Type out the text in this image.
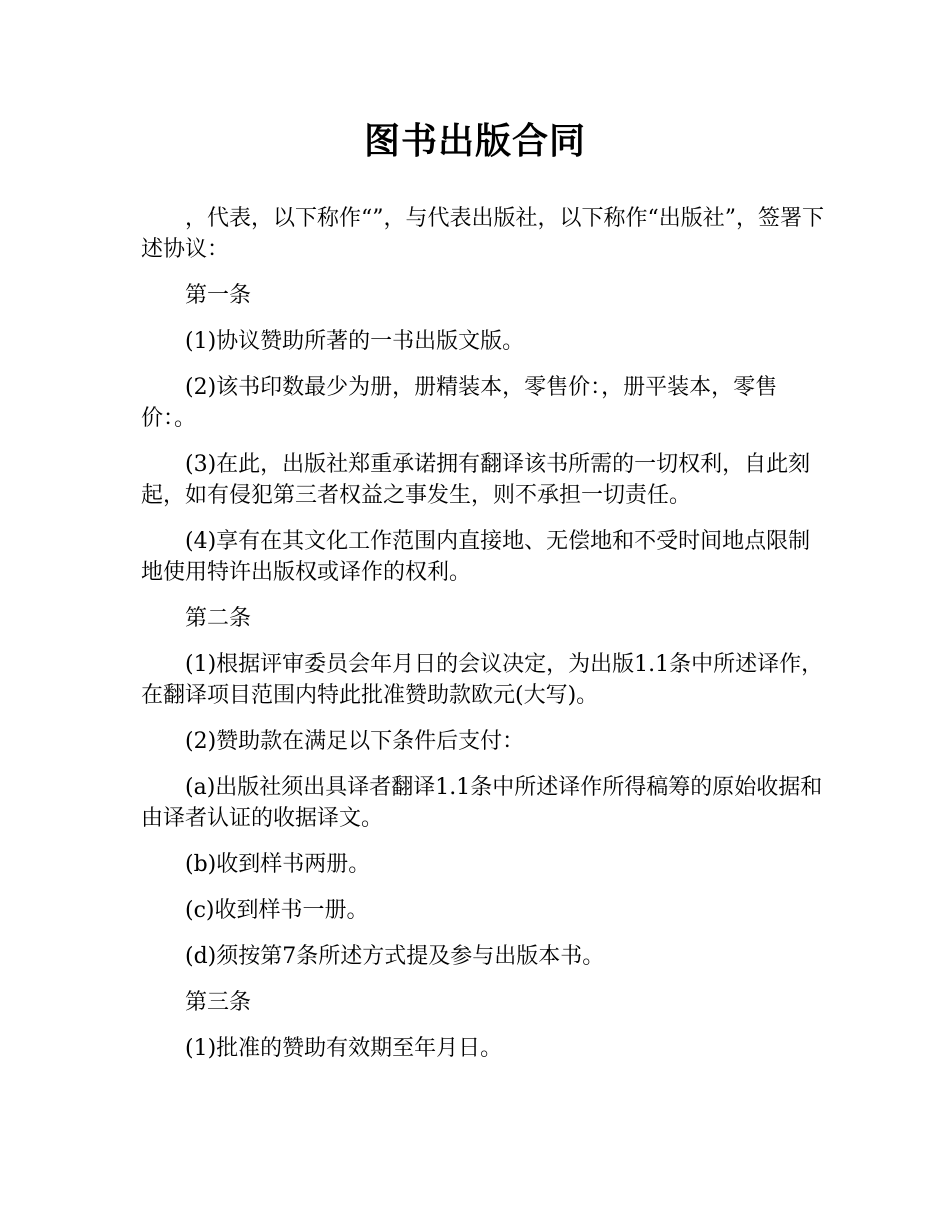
图书出版合同

，代表，以下称作“”，与代表出版社，以下称作“出版社”，签署下述协议：

第一条

(1)协议赞助所著的一书出版文版。

(2)该书印数最少为册，册精装本，零售价：，册平装本，零售价：。

(3)在此，出版社郑重承诺拥有翻译该书所需的一切权利，自此刻起，如有侵犯第三者权益之事发生，则不承担一切责任。

(4)享有在其文化工作范围内直接地、无偿地和不受时间地点限制地使用特许出版权或译作的权利。

第二条

(1)根据评审委员会年月日的会议决定，为出版1.1条中所述译作，在翻译项目范围内特此批准赞助款欧元(大写)。

(2)赞助款在满足以下条件后支付：

(a)出版社须出具译者翻译1.1条中所述译作所得稿筹的原始收据和由译者认证的收据译文。

(b)收到样书两册。

(c)收到样书一册。

(d)须按第7条所述方式提及参与出版本书。

第三条

(1)批准的赞助有效期至年月日。
